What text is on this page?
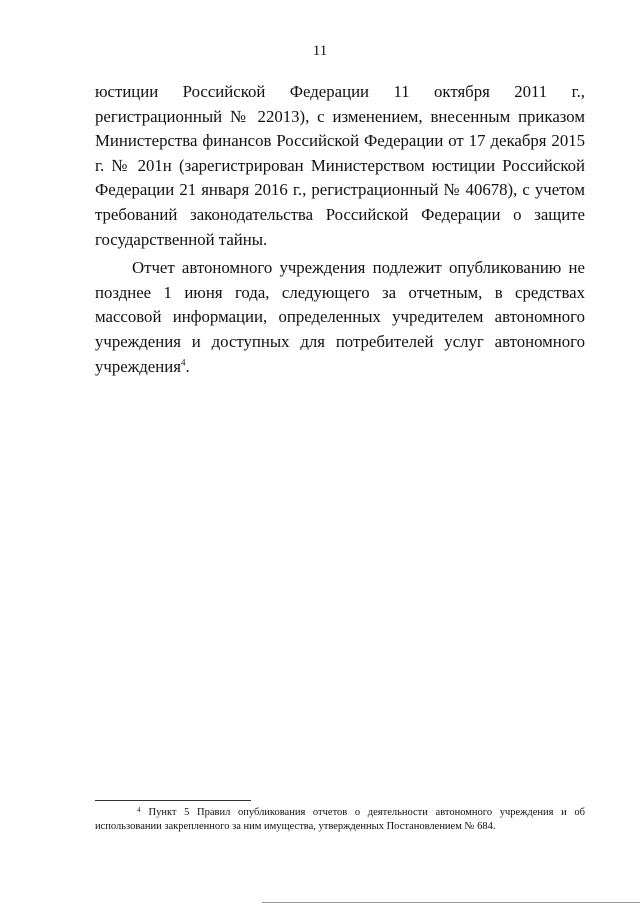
11

юстиции Российской Федерации 11 октября 2011 г., регистрационный № 22013), с изменением, внесенным приказом Министерства финансов Российской Федерации от 17 декабря 2015 г. № 201н (зарегистрирован Министерством юстиции Российской Федерации 21 января 2016 г., регистрационный № 40678), с учетом требований законодательства Российской Федерации о защите государственной тайны.

Отчет автономного учреждения подлежит опубликованию не позднее 1 июня года, следующего за отчетным, в средствах массовой информации, определенных учредителем автономного учреждения и доступных для потребителей услуг автономного учреждения$^4$.

$^4$ Пункт 5 Правил опубликования отчетов о деятельности автономного учреждения и об использовании закрепленного за ним имущества, утвержденных Постановлением № 684.
